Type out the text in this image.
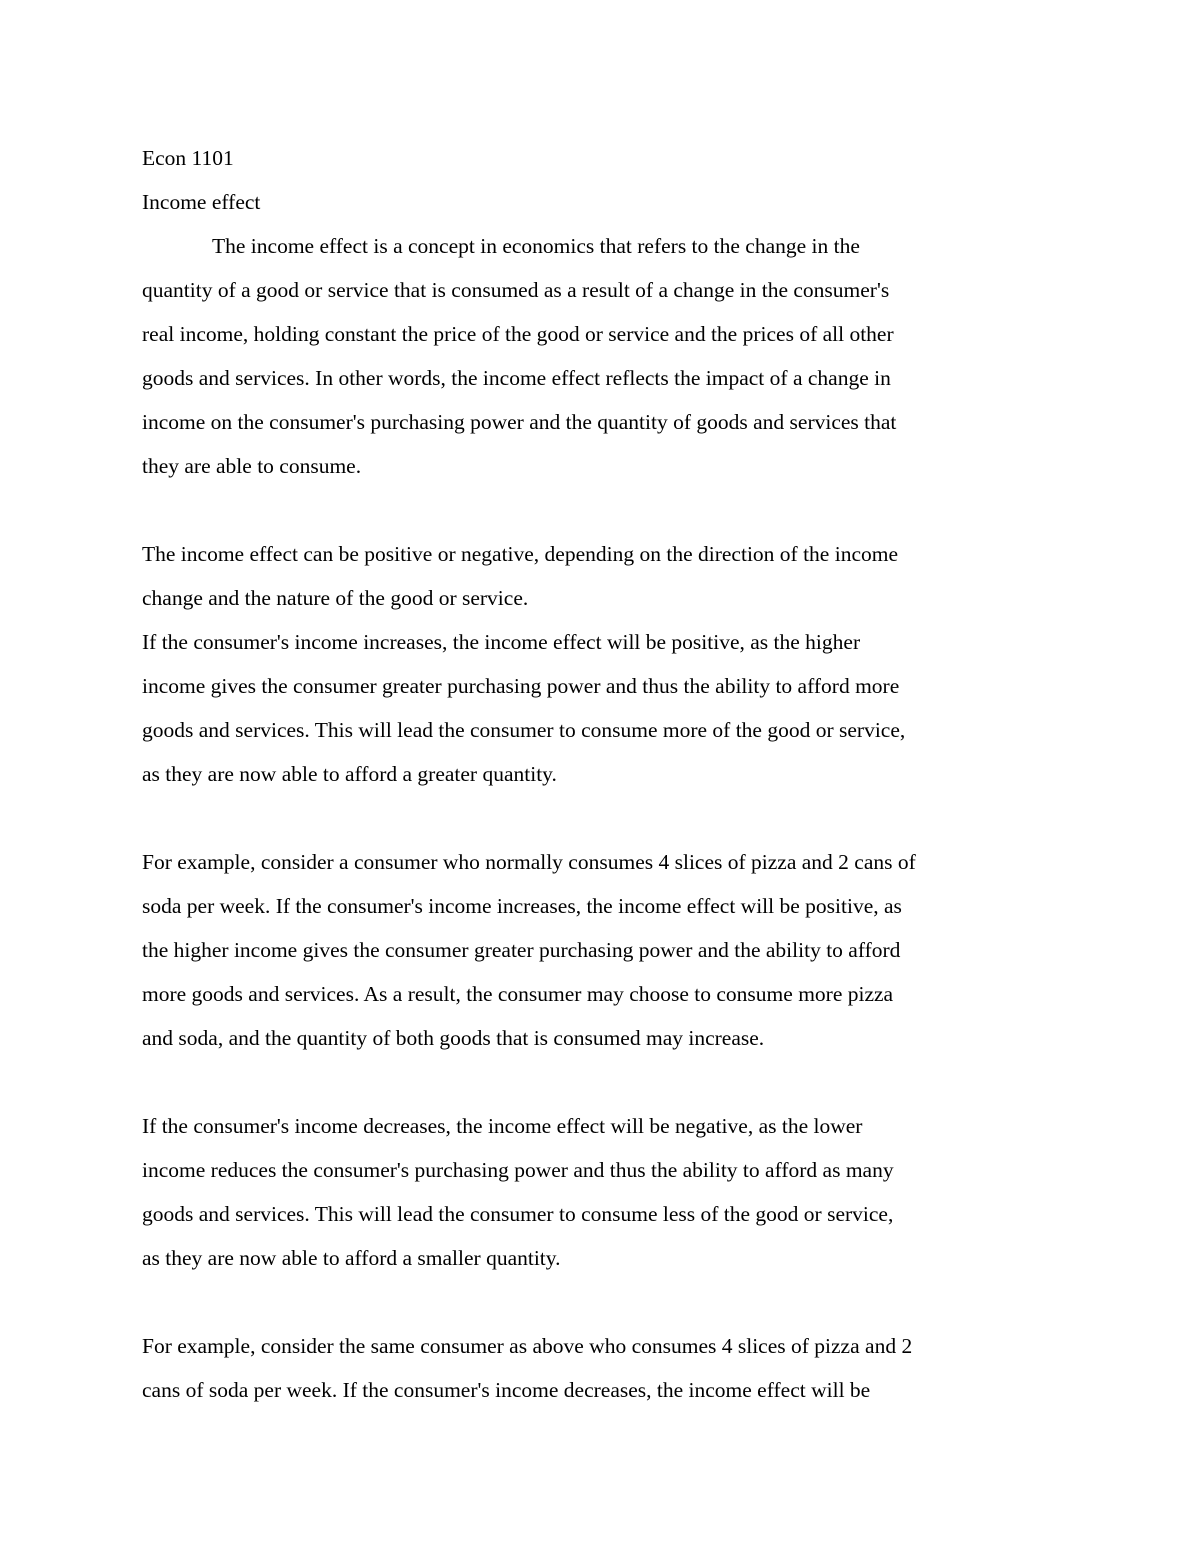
Econ 1101
Income effect
The income effect is a concept in economics that refers to the change in the
quantity of a good or service that is consumed as a result of a change in the consumer's
real income, holding constant the price of the good or service and the prices of all other
goods and services. In other words, the income effect reflects the impact of a change in
income on the consumer's purchasing power and the quantity of goods and services that
they are able to consume.
The income effect can be positive or negative, depending on the direction of the income
change and the nature of the good or service.
If the consumer's income increases, the income effect will be positive, as the higher
income gives the consumer greater purchasing power and thus the ability to afford more
goods and services. This will lead the consumer to consume more of the good or service,
as they are now able to afford a greater quantity.
For example, consider a consumer who normally consumes 4 slices of pizza and 2 cans of
soda per week. If the consumer's income increases, the income effect will be positive, as
the higher income gives the consumer greater purchasing power and the ability to afford
more goods and services. As a result, the consumer may choose to consume more pizza
and soda, and the quantity of both goods that is consumed may increase.
If the consumer's income decreases, the income effect will be negative, as the lower
income reduces the consumer's purchasing power and thus the ability to afford as many
goods and services. This will lead the consumer to consume less of the good or service,
as they are now able to afford a smaller quantity.
For example, consider the same consumer as above who consumes 4 slices of pizza and 2
cans of soda per week. If the consumer's income decreases, the income effect will be
